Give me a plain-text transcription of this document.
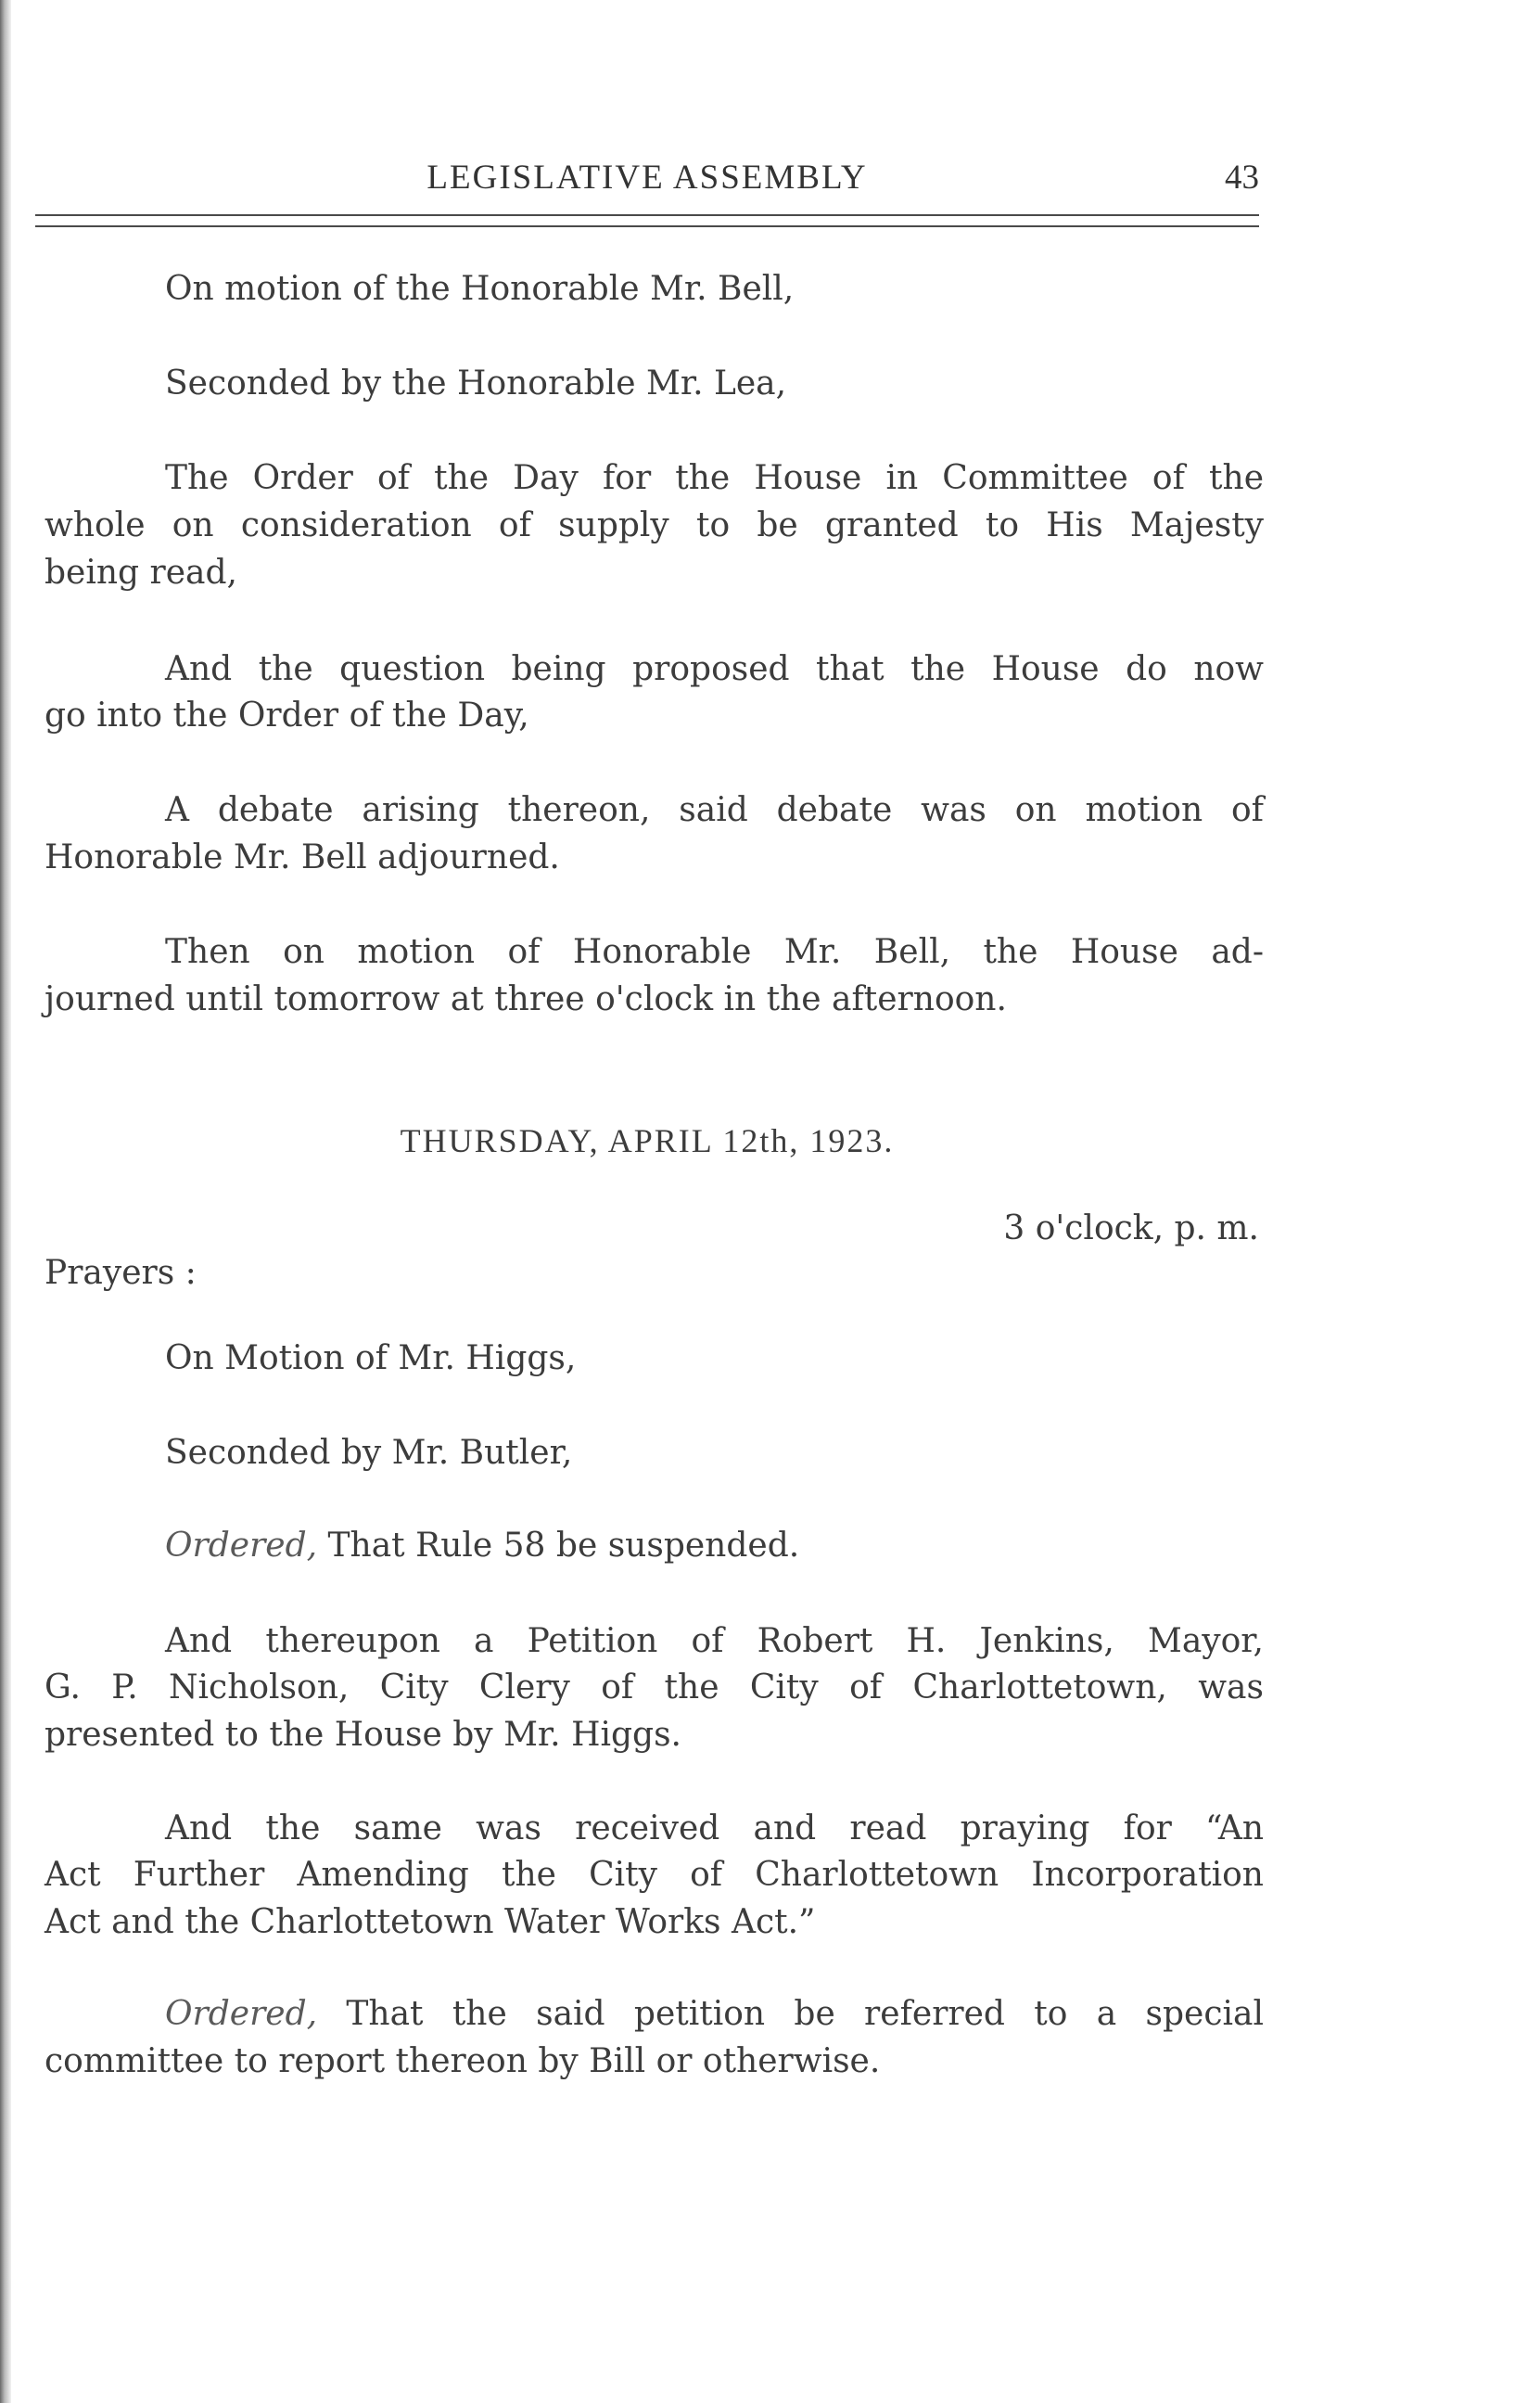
LEGISLATIVE ASSEMBLY	43
On motion of the Honorable Mr. Bell,
Seconded by the Honorable Mr. Lea,
The Order of the Day for the House in Committee of the
whole on consideration of supply to be granted to His Majesty
being read,
And the question being proposed that the House do now
go into the Order of the Day,
A debate arising thereon, said debate was on motion of
Honorable Mr. Bell adjourned.
Then on motion of Honorable Mr. Bell, the House ad-
journed until tomorrow at three o'clock in the afternoon.
THURSDAY, APRIL 12th, 1923.
3 o'clock, p. m.
Prayers :
On Motion of Mr. Higgs,
Seconded by Mr. Butler,
Ordered, That Rule 58 be suspended.
And thereupon a Petition of Robert H. Jenkins, Mayor,
G. P. Nicholson, City Clery of the City of Charlottetown, was
presented to the House by Mr. Higgs.
And the same was received and read praying for “An
Act Further Amending the City of Charlottetown Incorporation
Act and the Charlottetown Water Works Act.”
Ordered, That the said petition be referred to a special
committee to report thereon by Bill or otherwise.
